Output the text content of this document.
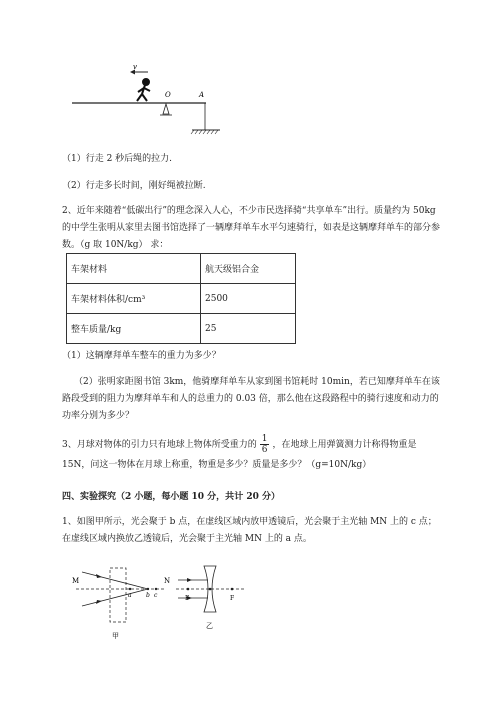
v
O	A
（1）行走 2 秒后绳的拉力.
（2）行走多长时间，刚好绳被拉断.
2、近年来随着“低碳出行”的理念深入人心，不少市民选择骑“共享单车”出行。质量约为 50kg 的中学生张明从家里去图书馆选择了一辆摩拜单车水平匀速骑行，如表是这辆摩拜单车的部分参数。（g 取 10N/kg） 求：
车架材料	航天级铝合金
车架材料体积/cm³	2500
整车质量/kg	25
（1）这辆摩拜单车整车的重力为多少？
（2）张明家距图书馆 3km，他骑摩拜单车从家到图书馆耗时 10min，若已知摩拜单车在该路段受到的阻力为摩拜单车和人的总重力的 0.03 倍，那么他在这段路程中的骑行速度和动力的功率分别为多少？
3、月球对物体的引力只有地球上物体所受重力的 $\frac{1}{6}$ ，在地球上用弹簧测力计称得物重是 15N，问这一物体在月球上称重，物重是多少？质量是多少？（g=10N/kg）
四、实验探究（2 小题，每小题 10 分，共计 20 分）
1、如图甲所示，光会聚于 b 点，在虚线区域内放甲透镜后，光会聚于主光轴 MN 上的 c 点；在虚线区域内换放乙透镜后，光会聚于主光轴 MN 上的 a 点。
M	N
a b c
甲
F	F
乙
